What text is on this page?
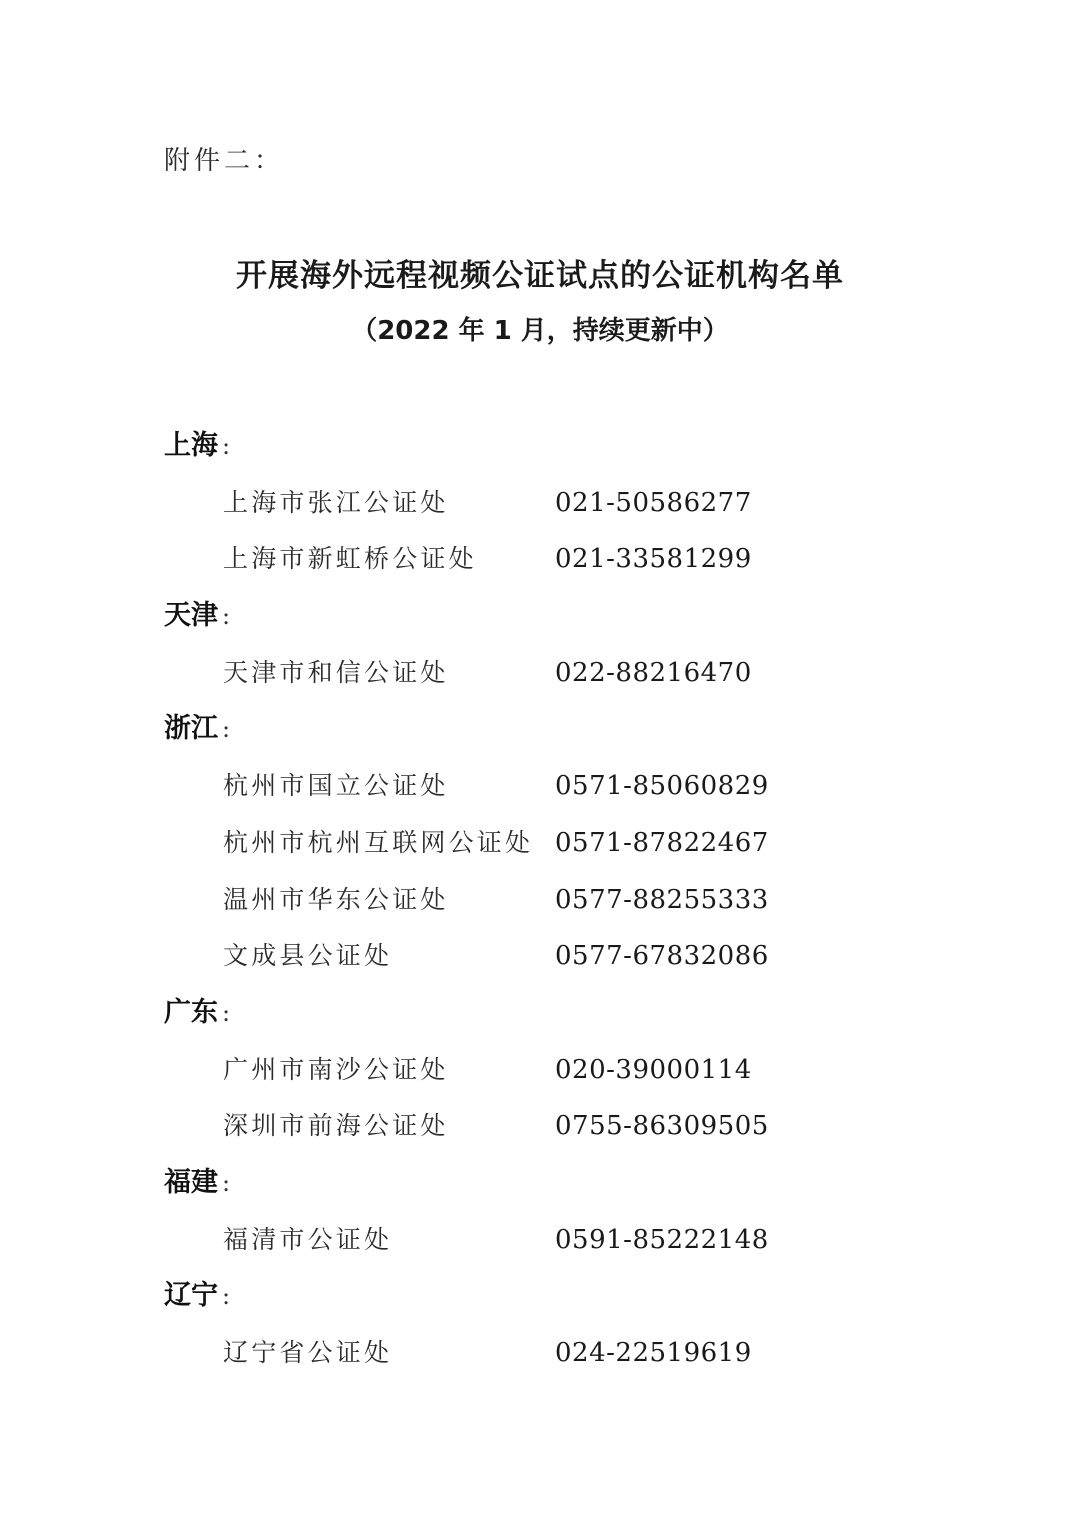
附件二：
开展海外远程视频公证试点的公证机构名单
（2022 年 1 月，持续更新中）
上海 :
上海市张江公证处	021-50586277
上海市新虹桥公证处	021-33581299
天津 :
天津市和信公证处	022-88216470
浙江 :
杭州市国立公证处	0571-85060829
杭州市杭州互联网公证处 0571-87822467
温州市华东公证处	0577-88255333
文成县公证处	0577-67832086
广东 :
广州市南沙公证处	020-39000114
深圳市前海公证处	0755-86309505
福建 :
福清市公证处	0591-85222148
辽宁 :
辽宁省公证处	024-22519619
